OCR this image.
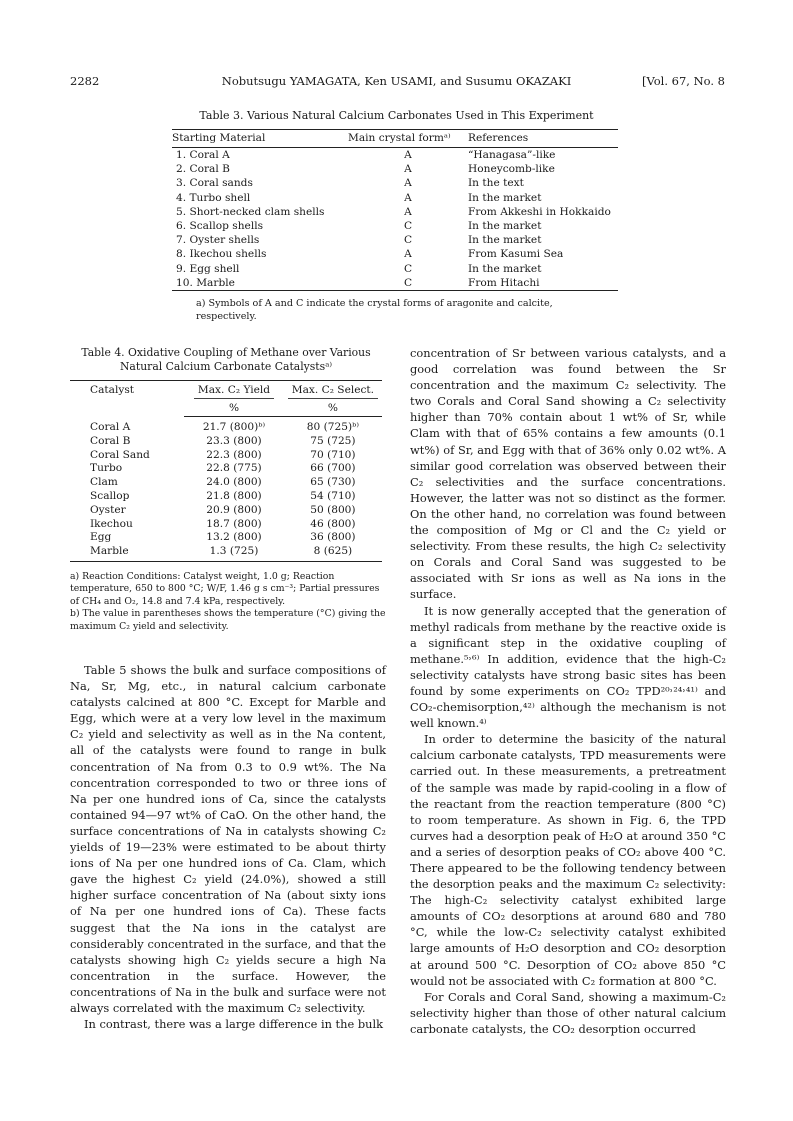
2282	Nobutsugu YAMAGATA, Ken USAMI, and Susumu OKAZAKI	[Vol. 67, No. 8
Table 3. Various Natural Calcium Carbonates Used in This Experiment
Starting Material	Main crystal formᵃ⁾	References
1. Coral A	A	“Hanagasa”-like
2. Coral B	A	Honeycomb-like
3. Coral sands	A	In the text
4. Turbo shell	A	In the market
5. Short-necked clam shells	A	From Akkeshi in Hokkaido
6. Scallop shells	C	In the market
7. Oyster shells	C	In the market
8. Ikechou shells	A	From Kasumi Sea
9. Egg shell	C	In the market
10. Marble	C	From Hitachi
a) Symbols of A and C indicate the crystal forms of aragonite and calcite, respectively.
Table 4. Oxidative Coupling of Methane over Various Natural Calcium Carbonate Catalystsᵃ⁾
Catalyst	Max. C₂ Yield	Max. C₂ Select.
	%	%
Coral A	21.7 (800)ᵇ⁾	80 (725)ᵇ⁾
Coral B	23.3 (800)	75 (725)
Coral Sand	22.3 (800)	70 (710)
Turbo	22.8 (775)	66 (700)
Clam	24.0 (800)	65 (730)
Scallop	21.8 (800)	54 (710)
Oyster	20.9 (800)	50 (800)
Ikechou	18.7 (800)	46 (800)
Egg	13.2 (800)	36 (800)
Marble	1.3 (725)	8 (625)
a) Reaction Conditions: Catalyst weight, 1.0 g; Reaction temperature, 650 to 800 °C; W/F, 1.46 g s cm⁻³; Partial pressures of CH₄ and O₂, 14.8 and 7.4 kPa, respectively.
b) The value in parentheses shows the temperature (°C) giving the maximum C₂ yield and selectivity.

Table 5 shows the bulk and surface compositions of Na, Sr, Mg, etc., in natural calcium carbonate catalysts calcined at 800 °C. Except for Marble and Egg, which were at a very low level in the maximum C₂ yield and selectivity as well as in the Na content, all of the catalysts were found to range in bulk concentration of Na from 0.3 to 0.9 wt%. The Na concentration corresponded to two or three ions of Na per one hundred ions of Ca, since the catalysts contained 94—97 wt% of CaO. On the other hand, the surface concentrations of Na in catalysts showing C₂ yields of 19—23% were estimated to be about thirty ions of Na per one hundred ions of Ca. Clam, which gave the highest C₂ yield (24.0%), showed a still higher surface concentration of Na (about sixty ions of Na per one hundred ions of Ca). These facts suggest that the Na ions in the catalyst are considerably concentrated in the surface, and that the catalysts showing high C₂ yields secure a high Na concentration in the surface. However, the concentrations of Na in the bulk and surface were not always correlated with the maximum C₂ selectivity.

In contrast, there was a large difference in the bulk

concentration of Sr between various catalysts, and a good correlation was found between the Sr concentration and the maximum C₂ selectivity. The two Corals and Coral Sand showing a C₂ selectivity higher than 70% contain about 1 wt% of Sr, while Clam with that of 65% contains a few amounts (0.1 wt%) of Sr, and Egg with that of 36% only 0.02 wt%. A similar good correlation was observed between their C₂ selectivities and the surface concentrations. However, the latter was not so distinct as the former. On the other hand, no correlation was found between the composition of Mg or Cl and the C₂ yield or selectivity. From these results, the high C₂ selectivity on Corals and Coral Sand was suggested to be associated with Sr ions as well as Na ions in the surface.

It is now generally accepted that the generation of methyl radicals from methane by the reactive oxide is a significant step in the oxidative coupling of methane.⁵˒⁶⁾ In addition, evidence that the high-C₂ selectivity catalysts have strong basic sites has been found by some experiments on CO₂ TPD²⁰˒²⁴˒⁴¹⁾ and CO₂-chemisorption,⁴²⁾ although the mechanism is not well known.⁴⁾

In order to determine the basicity of the natural calcium carbonate catalysts, TPD measurements were carried out. In these measurements, a pretreatment of the sample was made by rapid-cooling in a flow of the reactant from the reaction temperature (800 °C) to room temperature. As shown in Fig. 6, the TPD curves had a desorption peak of H₂O at around 350 °C and a series of desorption peaks of CO₂ above 400 °C. There appeared to be the following tendency between the desorption peaks and the maximum C₂ selectivity: The high-C₂ selectivity catalyst exhibited large amounts of CO₂ desorptions at around 680 and 780 °C, while the low-C₂ selectivity catalyst exhibited large amounts of H₂O desorption and CO₂ desorption at around 500 °C. Desorption of CO₂ above 850 °C would not be associated with C₂ formation at 800 °C.

For Corals and Coral Sand, showing a maximum-C₂ selectivity higher than those of other natural calcium carbonate catalysts, the CO₂ desorption occurred
